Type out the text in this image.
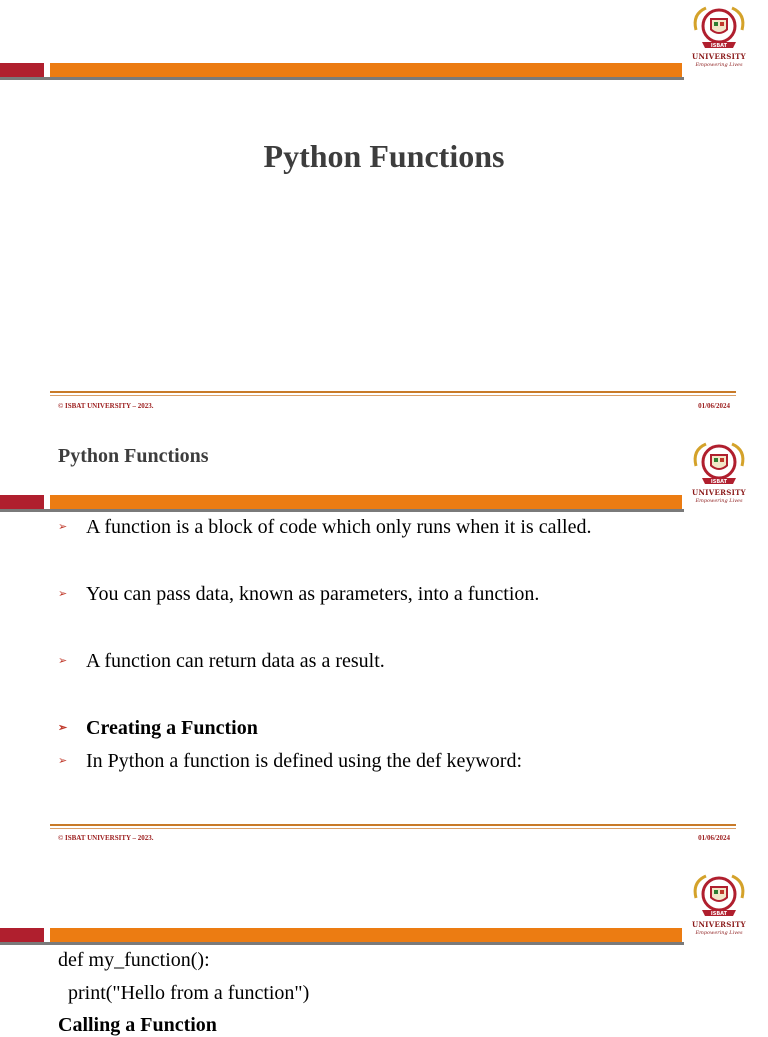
ISBAT
UNIVERSITY
Empowering Lives
Python Functions
© ISBAT UNIVERSITY – 2023.	01/06/2024
ISBAT
UNIVERSITY
Empowering Lives
Python Functions
➢ A function is a block of code which only runs when it is called.
➢ You can pass data, known as parameters, into a function.
➢ A function can return data as a result.
➢ Creating a Function
➢ In Python a function is defined using the def keyword:
© ISBAT UNIVERSITY – 2023.	01/06/2024
ISBAT
UNIVERSITY
Empowering Lives
def my_function():
print("Hello from a function")
Calling a Function
